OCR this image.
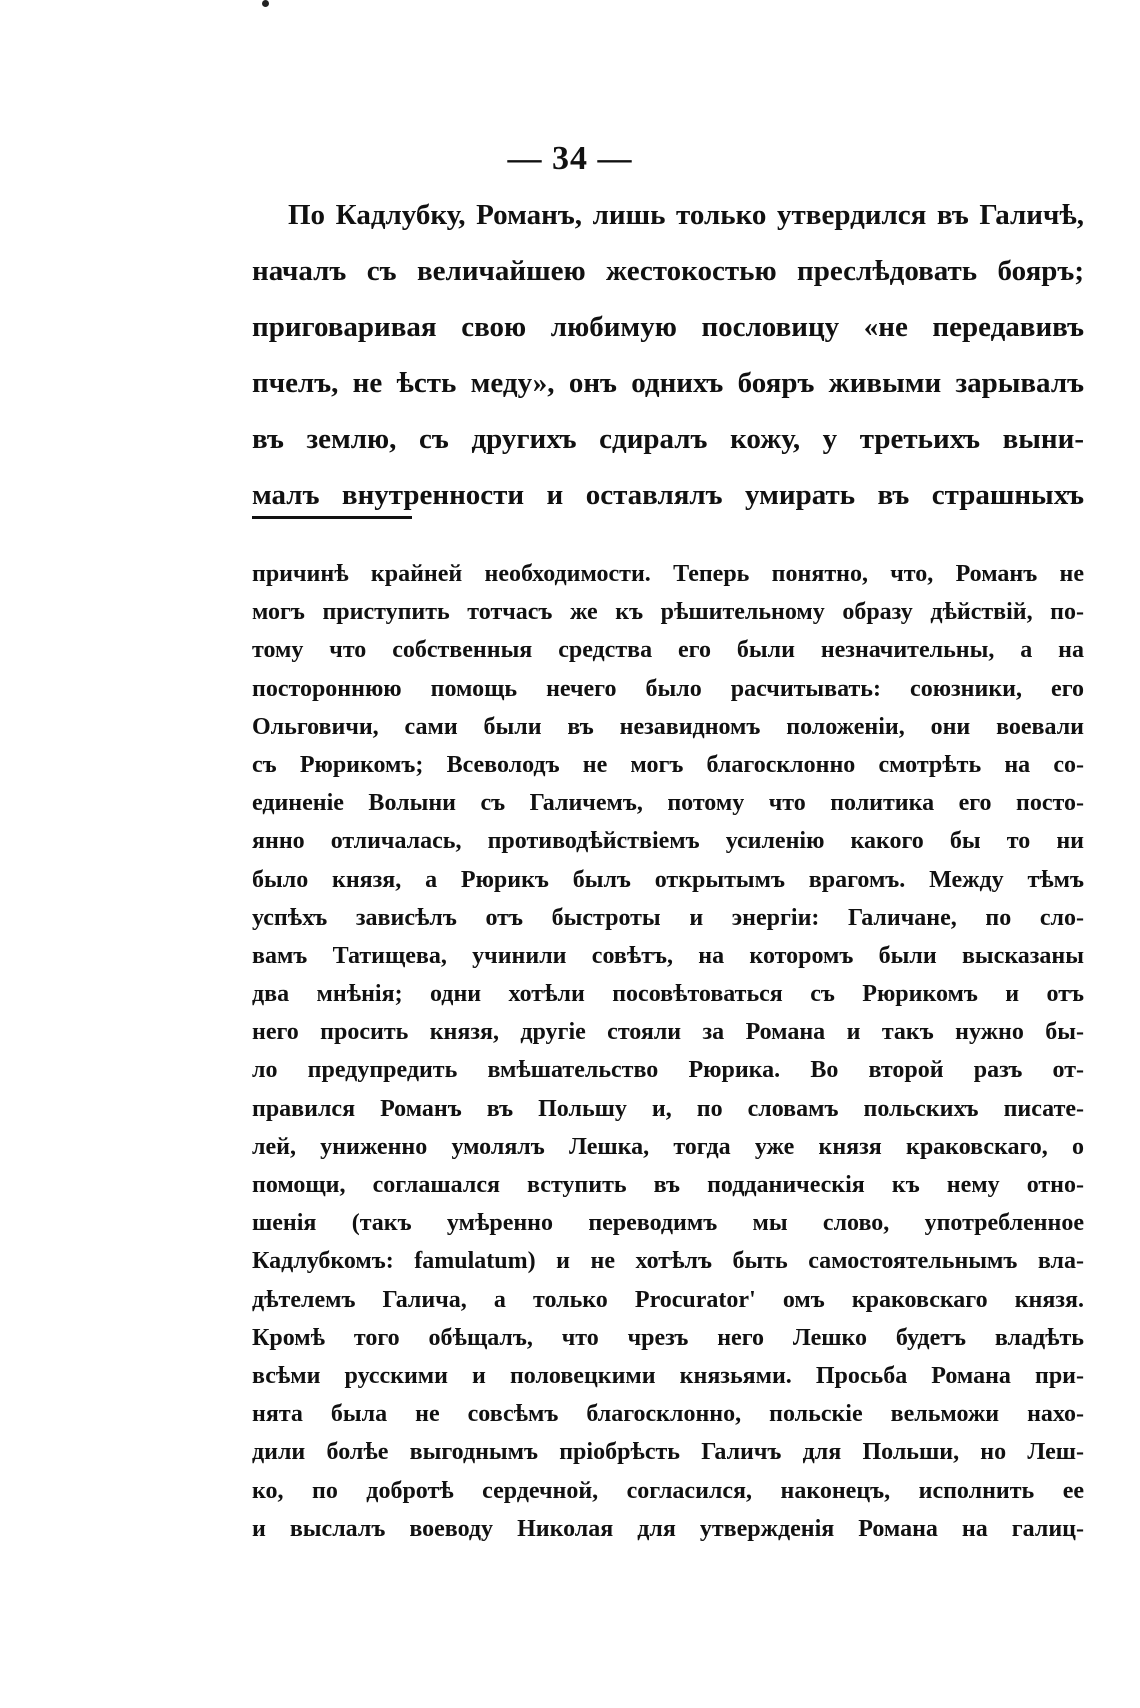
— 34 —
По Кадлубку, Романъ, лишь только утвердился въ Галичѣ,
началъ съ величайшею жестокостью преслѣдовать бояръ;
приговаривая свою любимую пословицу «не передавивъ
пчелъ, не ѣсть меду», онъ однихъ бояръ живыми зарывалъ
въ землю, съ другихъ сдиралъ кожу, у третьихъ выни-
малъ внутренности и оставлялъ умирать въ страшныхъ
причинѣ крайней необходимости. Теперь понятно, что, Романъ не
могъ приступить тотчасъ же къ рѣшительному образу дѣйствій, по-
тому что собственныя средства его были незначительны, а на
постороннюю помощь нечего было расчитывать: союзники, его
Ольговичи, сами были въ незавидномъ положеніи, они воевали
съ Рюрикомъ; Всеволодъ не могъ благосклонно смотрѣть на со-
единеніе Волыни съ Галичемъ, потому что политика его посто-
янно отличалась, противодѣйствіемъ усиленію какого бы то ни
было князя, а Рюрикъ былъ открытымъ врагомъ. Между тѣмъ
успѣхъ зависѣлъ отъ быстроты и энергіи: Галичане, по сло-
вамъ Татищева, учинили совѣтъ, на которомъ были высказаны
два мнѣнія; одни хотѣли посовѣтоваться съ Рюрикомъ и отъ
него просить князя, другіе стояли за Романа и такъ нужно бы-
ло предупредить вмѣшательство Рюрика. Во второй разъ от-
правился Романъ въ Польшу и, по словамъ польскихъ писате-
лей, униженно умолялъ Лешка, тогда уже князя краковскаго, о
помощи, соглашался вступить въ подданическія къ нему отно-
шенія (такъ умѣренно переводимъ мы слово, употребленное
Кадлубкомъ: famulatum) и не хотѣлъ быть самостоятельнымъ вла-
дѣтелемъ Галича, а только Procurator' омъ краковскаго князя.
Кромѣ того обѣщалъ, что чрезъ него Лешко будетъ владѣть
всѣми русскими и половецкими князьями. Просьба Романа при-
нята была не совсѣмъ благосклонно, польскіе вельможи нахо-
дили болѣе выгоднымъ пріобрѣсть Галичъ для Польши, но Леш-
ко, по добротѣ сердечной, согласился, наконецъ, исполнить ее
и выслалъ воеводу Николая для утвержденія Романа на галиц-
